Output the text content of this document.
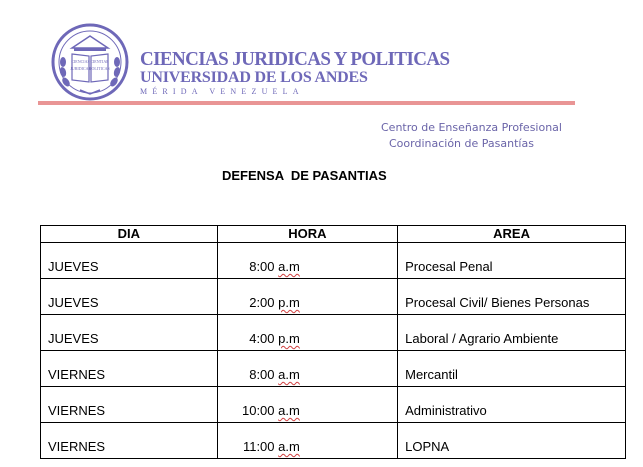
CIENCIAS CIENTIAE
JURIDICAS
POLITICAS CIENCIAS JURIDICAS Y POLITICAS
UNIVERSIDAD DE LOS ANDES
MÉRIDA VENEZUELA
Centro de Enseñanza Profesional
Coordinación de Pasantías
DEFENSA  DE PASANTIAS
DIA	HORA	AREA
JUEVES	8:00 a.m	Procesal Penal
JUEVES	2:00 p.m	Procesal Civil/ Bienes Personas
JUEVES	4:00 p.m	Laboral / Agrario Ambiente
VIERNES	8:00 a.m	Mercantil
VIERNES	10:00 a.m	Administrativo
VIERNES	11:00 a.m	LOPNA
